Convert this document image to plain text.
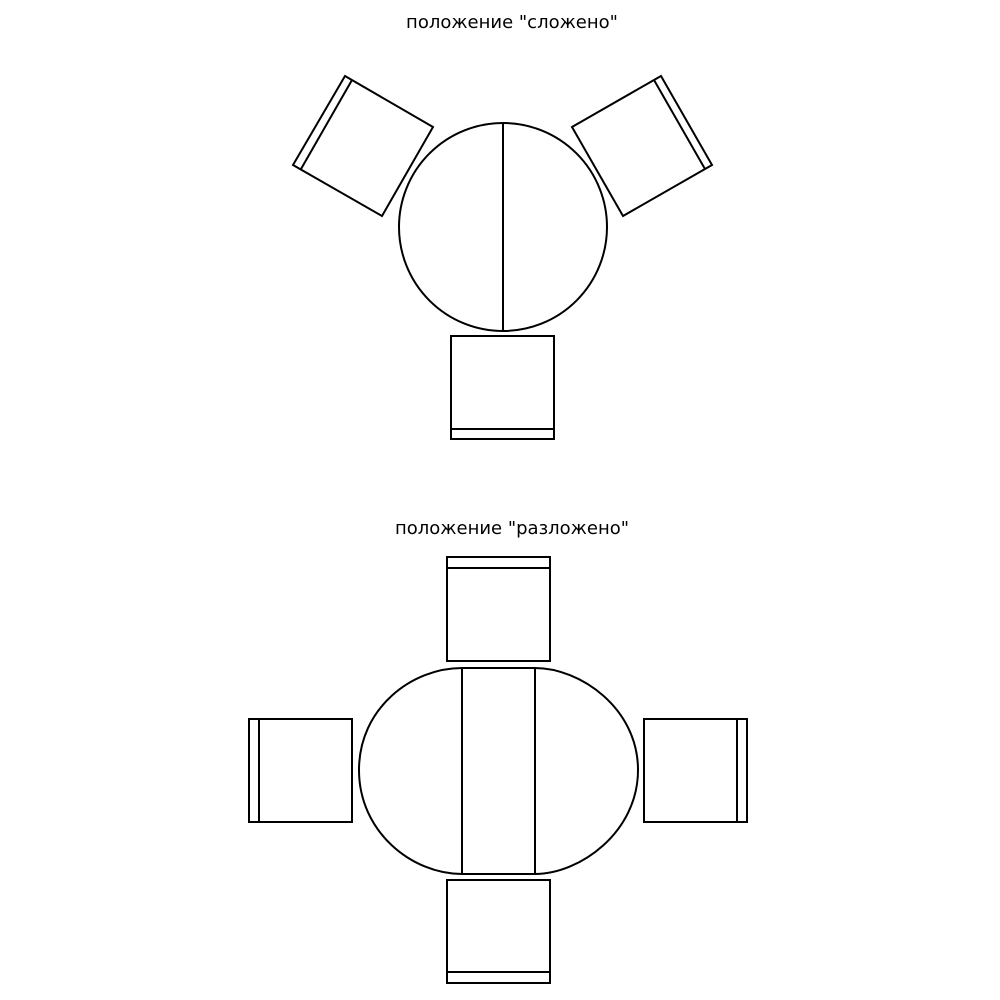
положение "сложено"
положение "разложено"
